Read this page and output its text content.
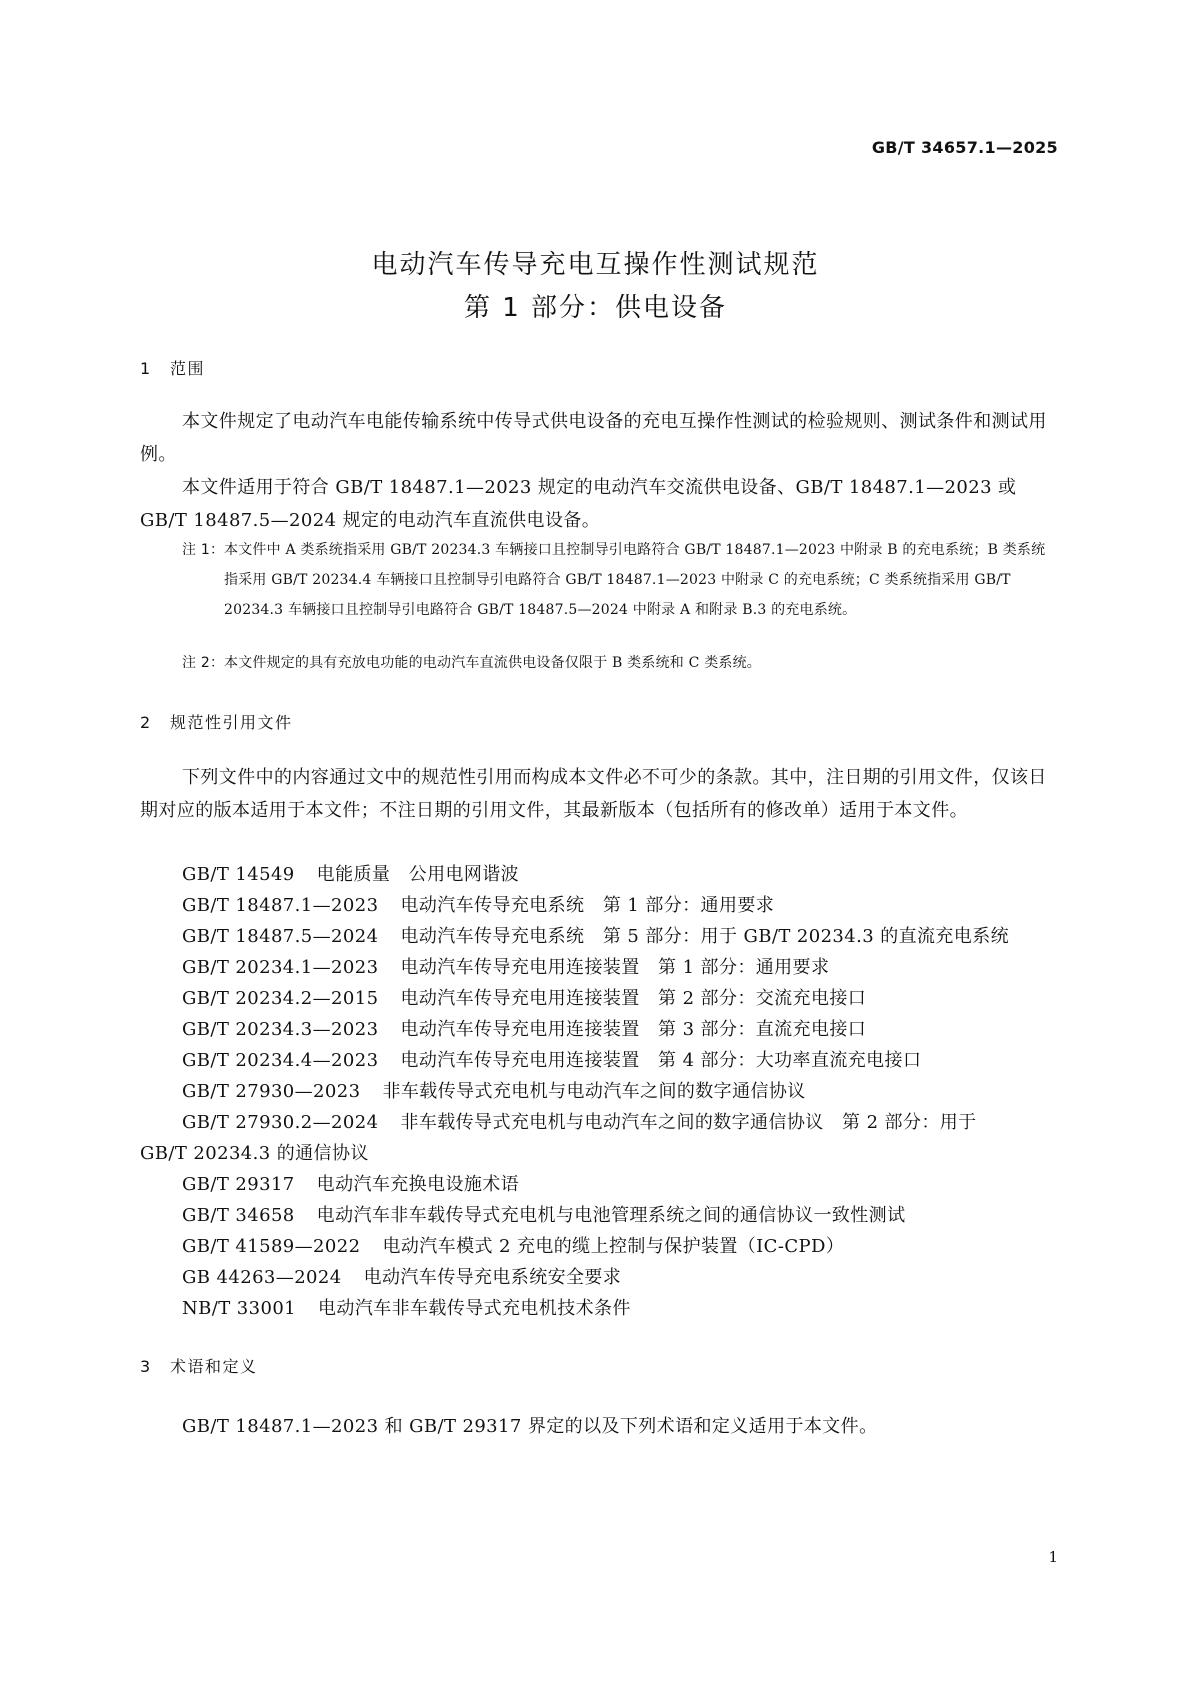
GB/T 34657.1—2025
电动汽车传导充电互操作性测试规范
第 1 部分：供电设备
1 范围
本文件规定了电动汽车电能传输系统中传导式供电设备的充电互操作性测试的检验规则、测试条件和测试用例。
本文件适用于符合 GB/T 18487.1—2023 规定的电动汽车交流供电设备、GB/T 18487.1—2023 或 GB/T 18487.5—2024 规定的电动汽车直流供电设备。
注 1： 本文件中 A 类系统指采用 GB/T 20234.3 车辆接口且控制导引电路符合 GB/T 18487.1—2023 中附录 B 的充电系统；B 类系统指采用 GB/T 20234.4 车辆接口且控制导引电路符合 GB/T 18487.1—2023 中附录 C 的充电系统；C 类系统指采用 GB/T 20234.3 车辆接口且控制导引电路符合 GB/T 18487.5—2024 中附录 A 和附录 B.3 的充电系统。
注 2： 本文件规定的具有充放电功能的电动汽车直流供电设备仅限于 B 类系统和 C 类系统。
2 规范性引用文件
下列文件中的内容通过文中的规范性引用而构成本文件必不可少的条款。其中，注日期的引用文件，仅该日期对应的版本适用于本文件；不注日期的引用文件，其最新版本（包括所有的修改单）适用于本文件。
GB/T 14549 电能质量　公用电网谐波
GB/T 18487.1—2023 电动汽车传导充电系统　第 1 部分：通用要求
GB/T 18487.5—2024 电动汽车传导充电系统　第 5 部分：用于 GB/T 20234.3 的直流充电系统
GB/T 20234.1—2023 电动汽车传导充电用连接装置　第 1 部分：通用要求
GB/T 20234.2—2015 电动汽车传导充电用连接装置　第 2 部分：交流充电接口
GB/T 20234.3—2023 电动汽车传导充电用连接装置　第 3 部分：直流充电接口
GB/T 20234.4—2023 电动汽车传导充电用连接装置　第 4 部分：大功率直流充电接口
GB/T 27930—2023 非车载传导式充电机与电动汽车之间的数字通信协议
GB/T 27930.2—2024 非车载传导式充电机与电动汽车之间的数字通信协议　第 2 部分：用于
GB/T 20234.3 的通信协议
GB/T 29317 电动汽车充换电设施术语
GB/T 34658 电动汽车非车载传导式充电机与电池管理系统之间的通信协议一致性测试
GB/T 41589—2022 电动汽车模式 2 充电的缆上控制与保护装置（IC-CPD）
GB 44263—2024 电动汽车传导充电系统安全要求
NB/T 33001 电动汽车非车载传导式充电机技术条件
3 术语和定义
GB/T 18487.1—2023 和 GB/T 29317 界定的以及下列术语和定义适用于本文件。
1
